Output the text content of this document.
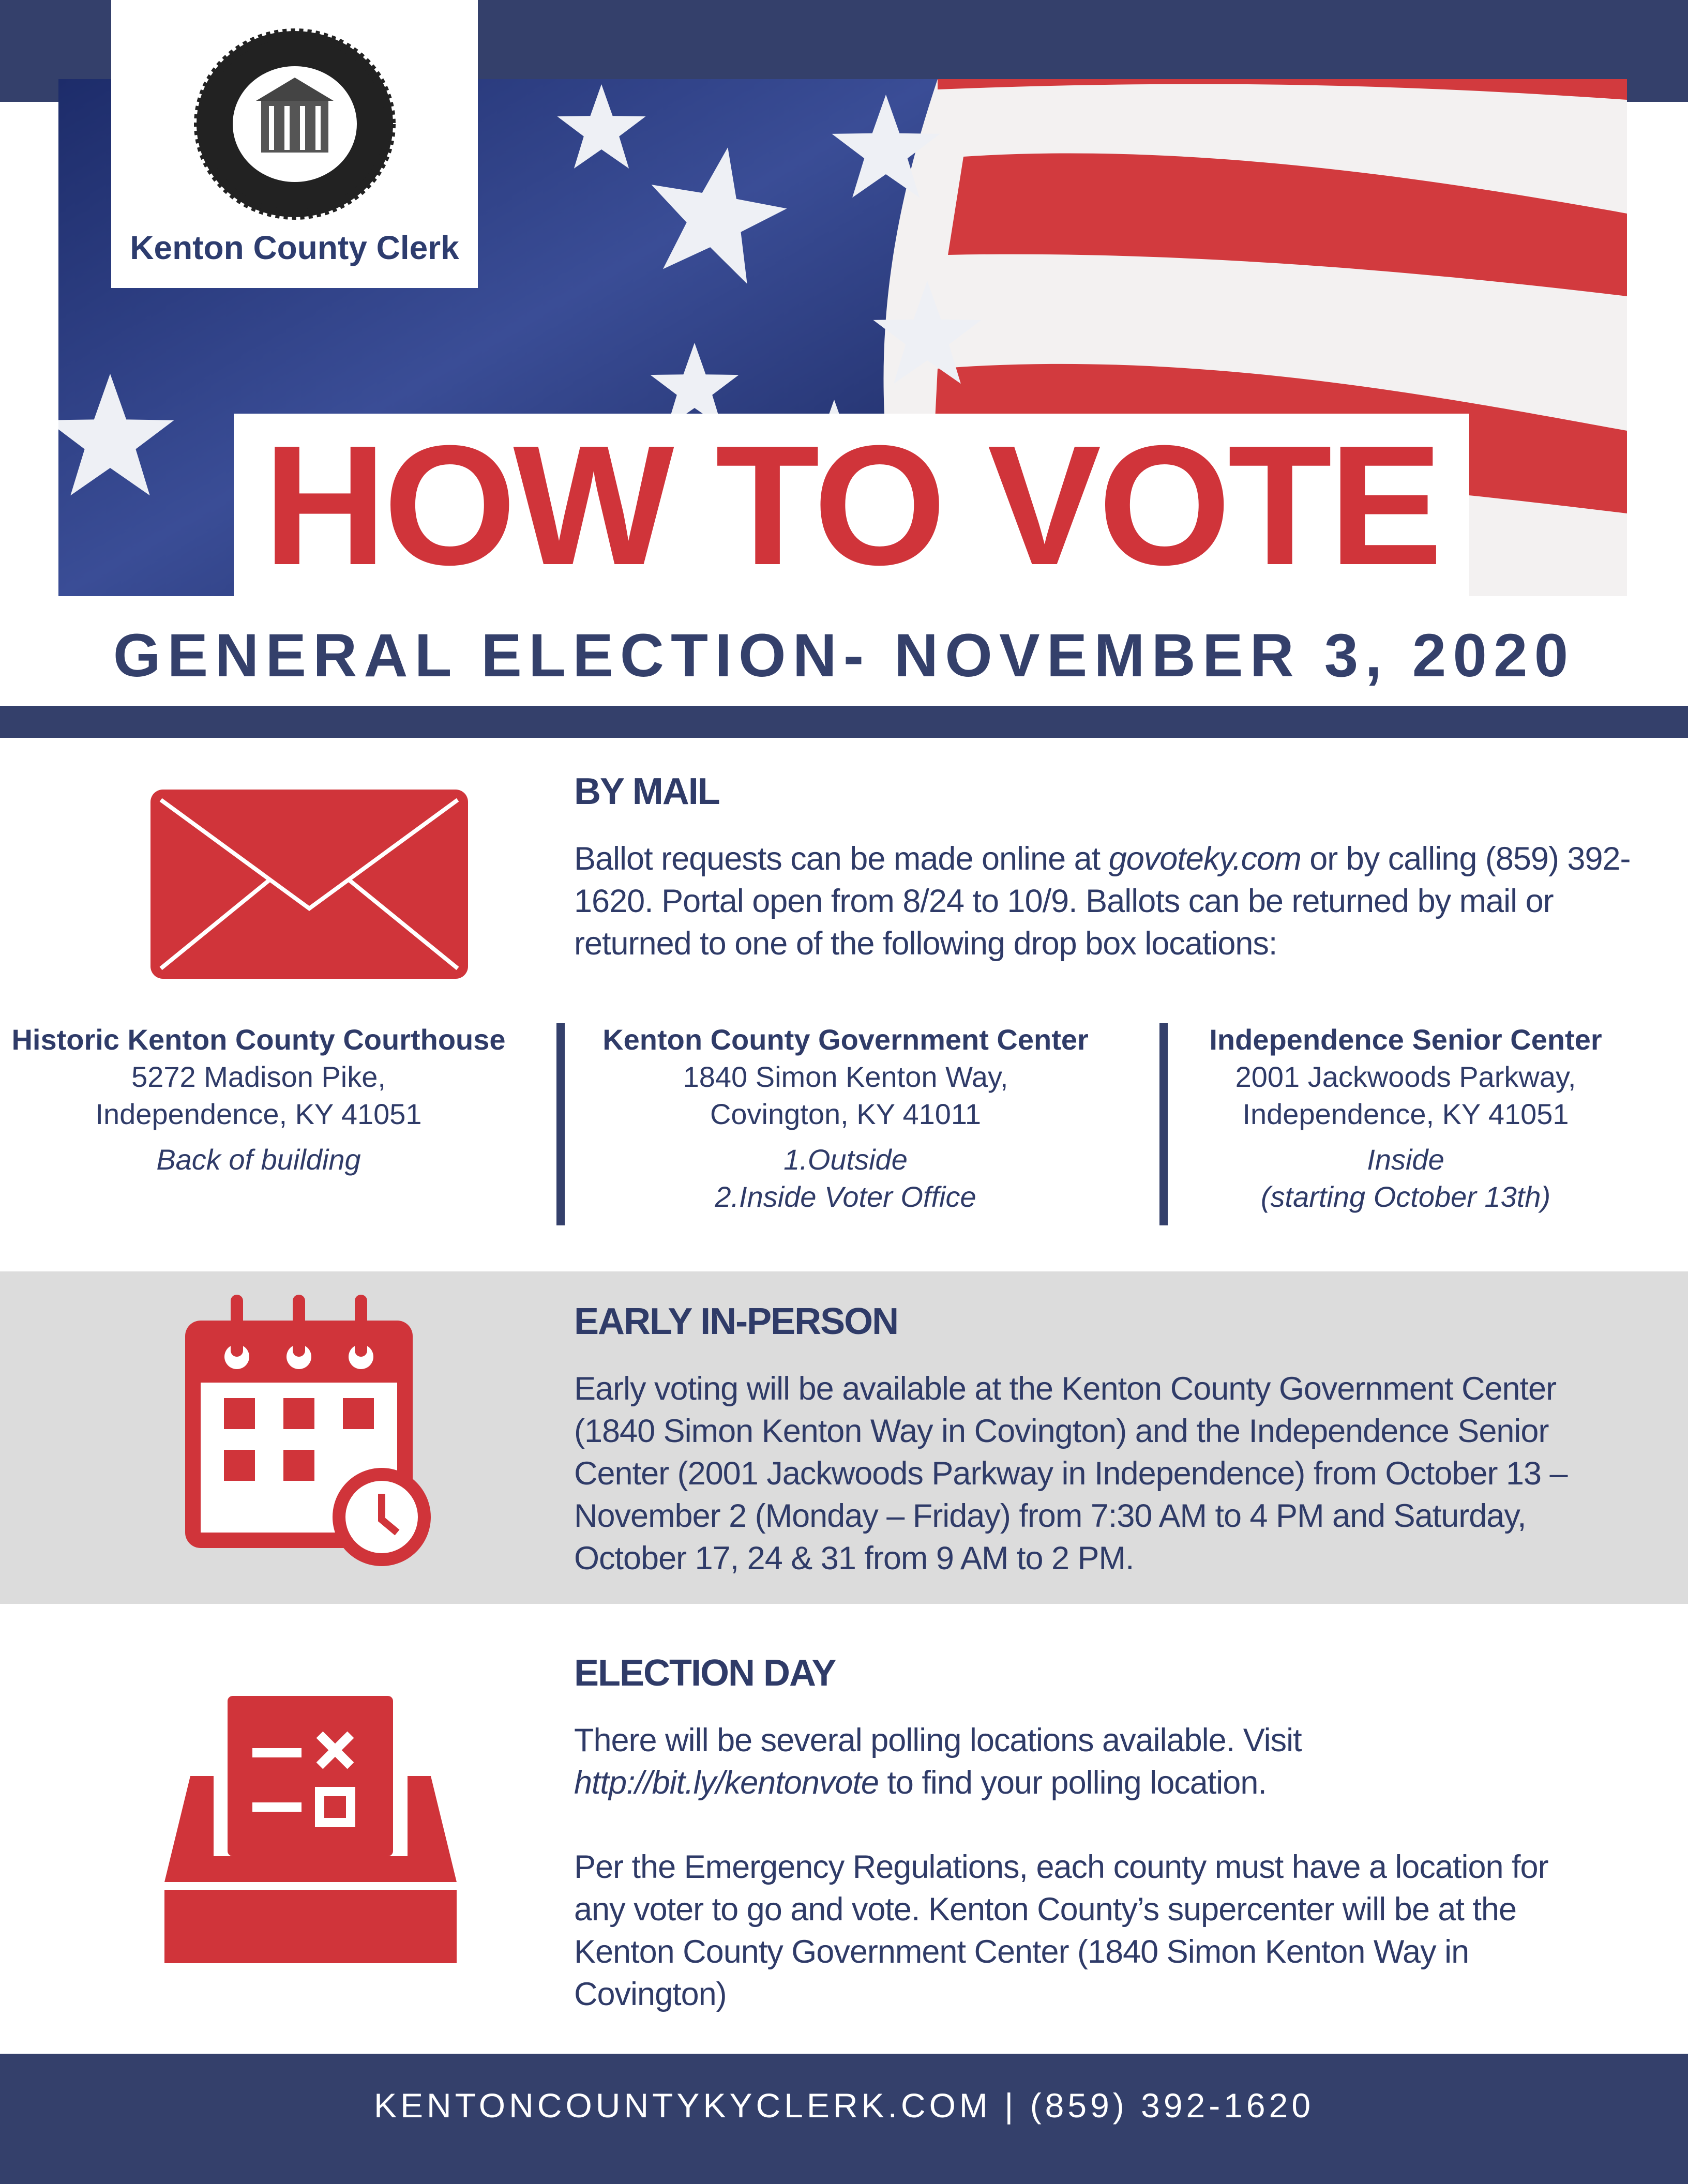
Kenton County Clerk
HOW TO VOTE
GENERAL ELECTION- NOVEMBER 3, 2020
BY MAIL

Ballot requests can be made online at govoteky.com or by calling (859) 392-1620. Portal open from 8/24 to 10/9. Ballots can be returned by mail or returned to one of the following drop box locations:

Historic Kenton County Courthouse
5272 Madison Pike,
Independence, KY 41051
Back of building
Kenton County Government Center
1840 Simon Kenton Way,
Covington, KY 41011
1.Outside
2.Inside Voter Office
Independence Senior Center
2001 Jackwoods Parkway,
Independence, KY 41051
Inside
(starting October 13th)
EARLY IN-PERSON

Early voting will be available at the Kenton County Government Center (1840 Simon Kenton Way in Covington) and the Independence Senior Center (2001 Jackwoods Parkway in Independence) from October 13 – November 2 (Monday – Friday) from 7:30 AM to 4 PM and Saturday, October 17, 24 & 31 from 9 AM to 2 PM.

ELECTION DAY

There will be several polling locations available. Visit http://bit.ly/kentonvote to find your polling location.

Per the Emergency Regulations, each county must have a location for any voter to go and vote. Kenton County’s supercenter will be at the Kenton County Government Center (1840 Simon Kenton Way in Covington)

KENTONCOUNTYKYCLERK.COM | (859) 392-1620
